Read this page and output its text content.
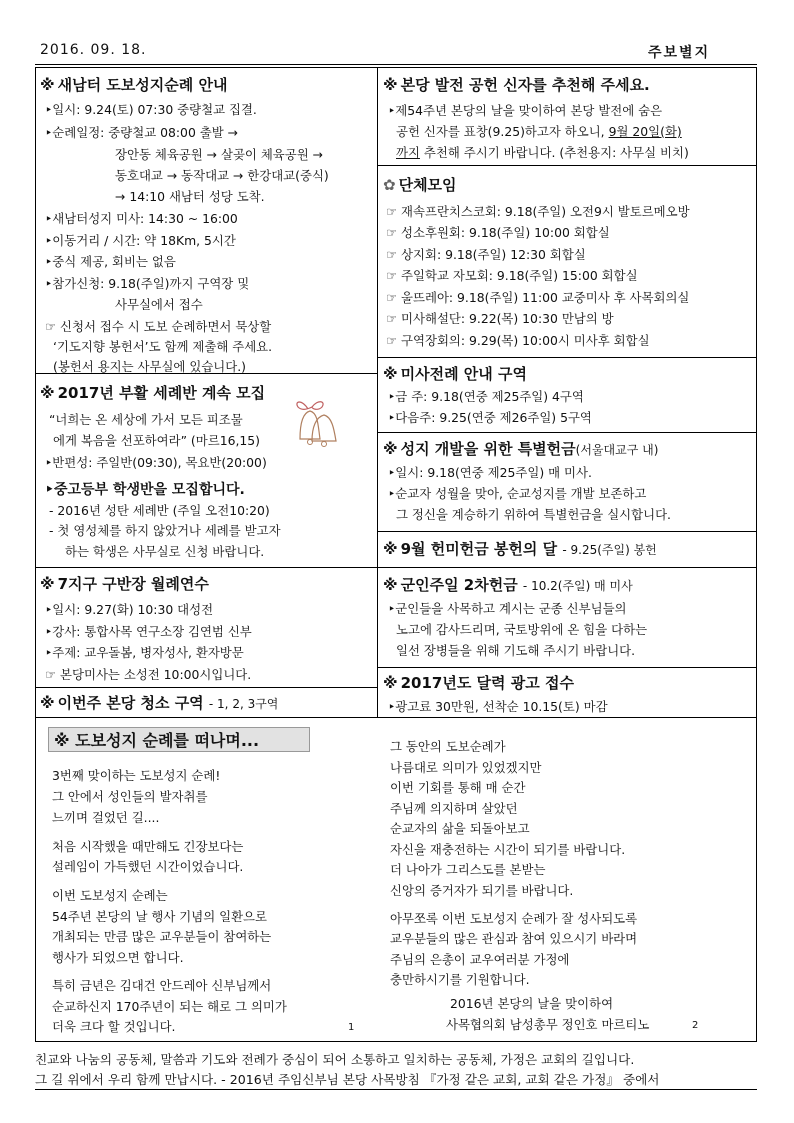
2016. 09. 18.	주보별지
※ 새남터 도보성지순례 안내
‣일시: 9.24(토) 07:30 중량철교 집결.
‣순례일정: 중량철교 08:00 출발 →
장안동 체육공원 → 살곶이 체육공원 →
동호대교 → 동작대교 → 한강대교(중식)
→ 14:10 새남터 성당 도착.
‣새남터성지 미사: 14:30 ~ 16:00
‣이동거리 / 시간: 약 18Km, 5시간
‣중식 제공, 회비는 없음
‣참가신청: 9.18(주일)까지 구역장 및
사무실에서 접수
☞ 신청서 접수 시 도보 순례하면서 묵상할
‘기도지향 봉헌서’도 함께 제출해 주세요.
(봉헌서 용지는 사무실에 있습니다.)
※ 2017년 부활 세례반 계속 모집
“너희는 온 세상에 가서 모든 피조물
에게 복음을 선포하여라” (마르16,15)
‣반편성: 주일반(09:30), 목요반(20:00)
‣중고등부 학생반을 모집합니다.
- 2016년 성탄 세례반 (주일 오전10:20)
- 첫 영성체를 하지 않았거나 세례를 받고자
하는 학생은 사무실로 신청 바랍니다.
※ 7지구 구반장 월례연수
‣일시: 9.27(화) 10:30 대성전
‣강사: 통합사목 연구소장 김연범 신부
‣주제: 교우돌봄, 병자성사, 환자방문
☞ 본당미사는 소성전 10:00시입니다.
※ 이번주 본당 청소 구역 - 1, 2, 3구역
※ 본당 발전 공헌 신자를 추천해 주세요.
‣제54주년 본당의 날을 맞이하여 본당 발전에 숨은
공헌 신자를 표창(9.25)하고자 하오니, 9월 20일(화)
까지 추천해 주시기 바랍니다. (추천용지: 사무실 비치)
✿ 단체모임
☞ 재속프란치스코회: 9.18(주일) 오전9시 발토르메오방
☞ 성소후원회: 9.18(주일) 10:00 회합실
☞ 상지회: 9.18(주일) 12:30 회합실
☞ 주일학교 자모회: 9.18(주일) 15:00 회합실
☞ 울뜨레아: 9.18(주일) 11:00 교중미사 후 사목회의실
☞ 미사해설단: 9.22(목) 10:30 만남의 방
☞ 구역장회의: 9.29(목) 10:00시 미사후 회합실
※ 미사전례 안내 구역
‣금 주: 9.18(연중 제25주일) 4구역
‣다음주: 9.25(연중 제26주일) 5구역
※ 성지 개발을 위한 특별헌금(서울대교구 내)
‣일시: 9.18(연중 제25주일) 매 미사.
‣순교자 성월을 맞아, 순교성지를 개발 보존하고
그 정신을 계승하기 위하여 특별헌금을 실시합니다.
※ 9월 헌미헌금 봉헌의 달 - 9.25(주일) 봉헌
※ 군인주일 2차헌금 - 10.2(주일) 매 미사
‣군인들을 사목하고 계시는 군종 신부님들의
노고에 감사드리며, 국토방위에 온 힘을 다하는
일선 장병들을 위해 기도해 주시기 바랍니다.
※ 2017년도 달력 광고 접수
‣광고료 30만원, 선착순 10.15(토) 마감
※ 도보성지 순례를 떠나며...
3번째 맞이하는 도보성지 순례!
그 안에서 성인들의 발자취를
느끼며 걸었던 길....
처음 시작했을 때만해도 긴장보다는
설레임이 가득했던 시간이었습니다.
이번 도보성지 순례는
54주년 본당의 날 행사 기념의 일환으로
개최되는 만큼 많은 교우분들이 참여하는
행사가 되었으면 합니다.
특히 금년은 김대건 안드레아 신부님께서
순교하신지 170주년이 되는 해로 그 의미가
더욱 크다 할 것입니다.	1
그 동안의 도보순례가
나름대로 의미가 있었겠지만
이번 기회를 통해 매 순간
주님께 의지하며 살았던
순교자의 삶을 되돌아보고
자신을 재충전하는 시간이 되기를 바랍니다.
더 나아가 그리스도를 본받는
신앙의 증거자가 되기를 바랍니다.
아무쪼록 이번 도보성지 순례가 잘 성사되도록
교우분들의 많은 관심과 참여 있으시기 바라며
주님의 은총이 교우여러분 가정에
충만하시기를 기원합니다.
2016년 본당의 날을 맞이하여
사목협의회 남성총무 정인호 마르티노	2
친교와 나눔의 공동체, 말씀과 기도와 전례가 중심이 되어 소통하고 일치하는 공동체, 가정은 교회의 길입니다.
그 길 위에서 우리 함께 만납시다. - 2016년 주임신부님 본당 사목방침 『가정 같은 교회, 교회 같은 가정』 중에서
